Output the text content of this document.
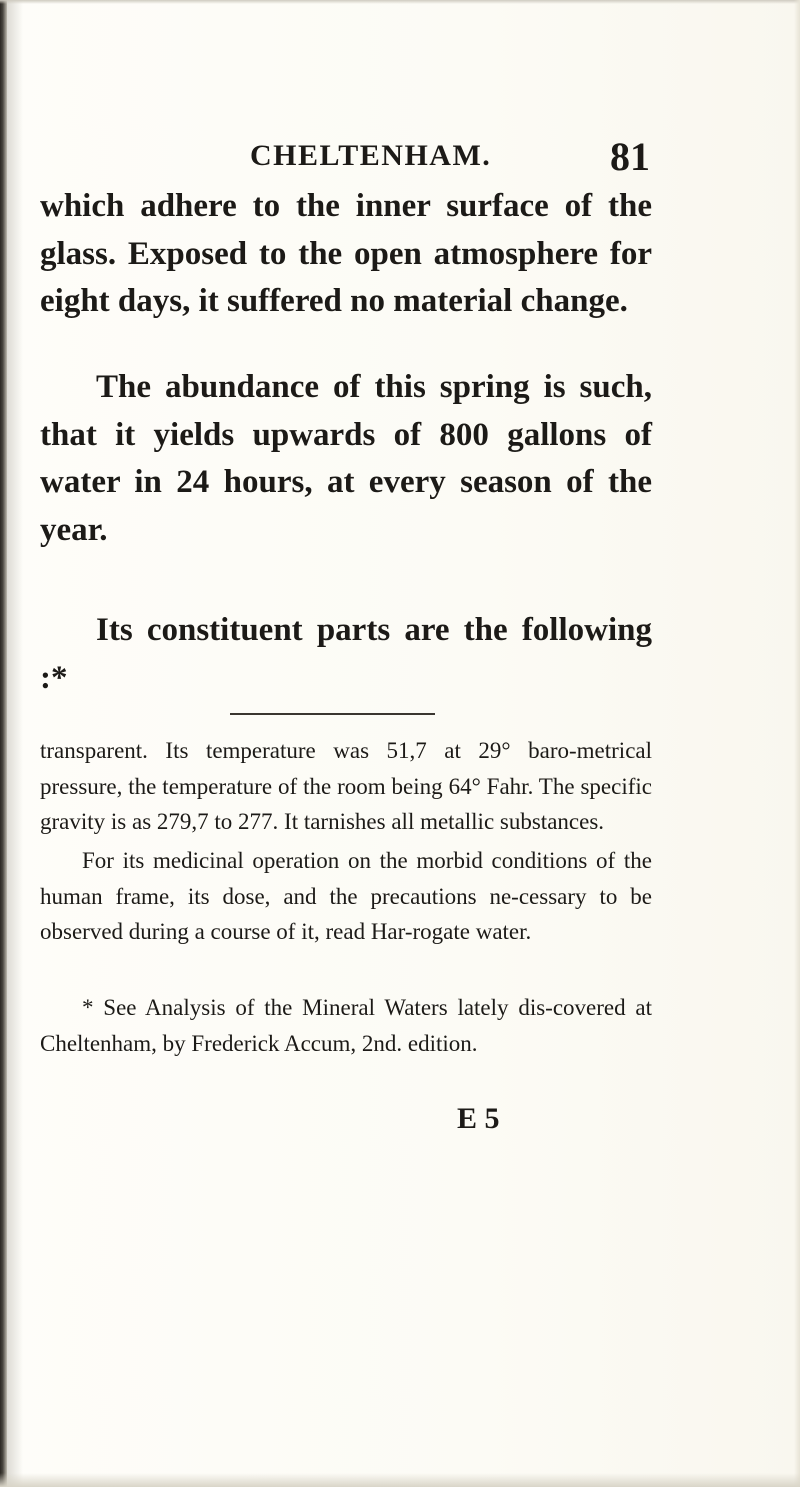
CHELTENHAM.	81
which adhere to the inner surface of the glass. Exposed to the open atmosphere for eight days, it suffered no material change.
The abundance of this spring is such, that it yields upwards of 800 gallons of water in 24 hours, at every season of the year.
Its constituent parts are the following :*
transparent. Its temperature was 51,7 at 29° baro-metrical pressure, the temperature of the room being 64° Fahr. The specific gravity is as 279,7 to 277. It tarnishes all metallic substances.
For its medicinal operation on the morbid conditions of the human frame, its dose, and the precautions ne-cessary to be observed during a course of it, read Har-rogate water.
* See Analysis of the Mineral Waters lately dis-covered at Cheltenham, by Frederick Accum, 2nd. edition.
E 5
